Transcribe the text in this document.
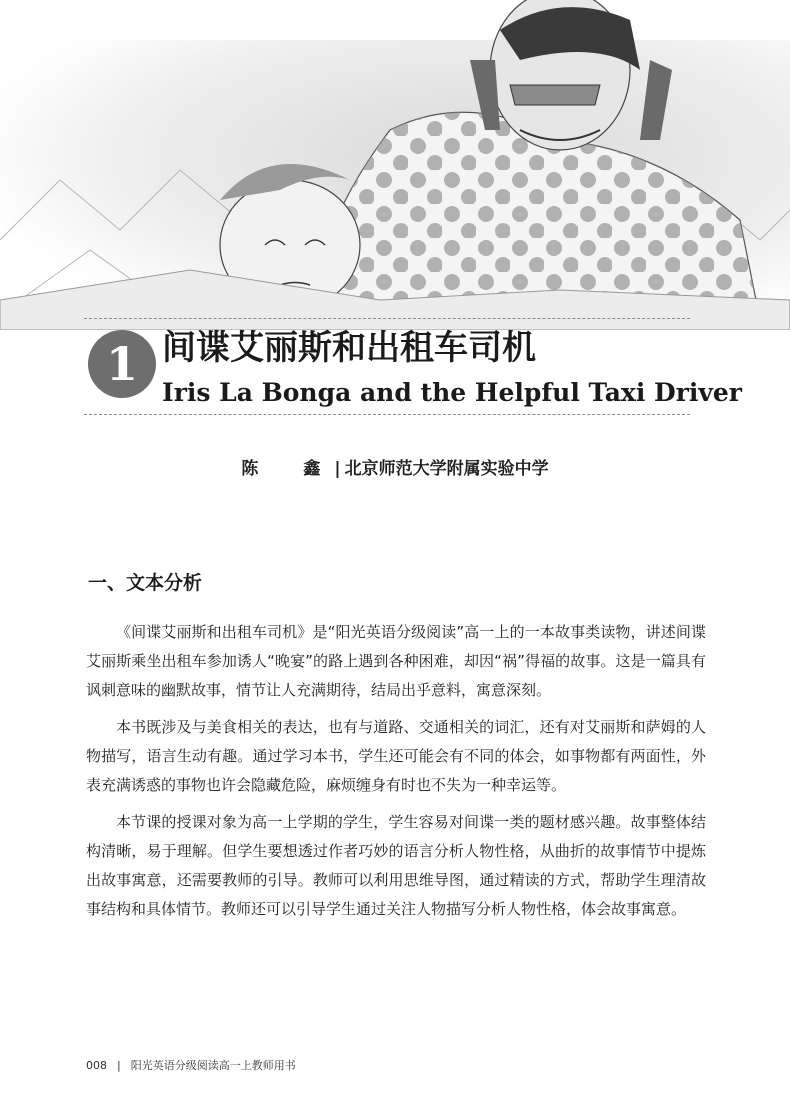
1 间谍艾丽斯和出租车司机
Iris La Bonga and the Helpful Taxi Driver
陈　鑫| 北京师范大学附属实验中学
一、文本分析

《间谍艾丽斯和出租车司机》是“阳光英语分级阅读”高一上的一本故事类读物，讲述间谍艾丽斯乘坐出租车参加诱人“晚宴”的路上遇到各种困难，却因“祸”得福的故事。这是一篇具有讽刺意味的幽默故事，情节让人充满期待，结局出乎意料，寓意深刻。

本书既涉及与美食相关的表达，也有与道路、交通相关的词汇，还有对艾丽斯和萨姆的人物描写，语言生动有趣。通过学习本书，学生还可能会有不同的体会，如事物都有两面性，外表充满诱惑的事物也许会隐藏危险，麻烦缠身有时也不失为一种幸运等。

本节课的授课对象为高一上学期的学生，学生容易对间谍一类的题材感兴趣。故事整体结构清晰，易于理解。但学生要想透过作者巧妙的语言分析人物性格，从曲折的故事情节中提炼出故事寓意，还需要教师的引导。教师可以利用思维导图，通过精读的方式，帮助学生理清故事结构和具体情节。教师还可以引导学生通过关注人物描写分析人物性格，体会故事寓意。

008 | 阳光英语分级阅读高一上教师用书
